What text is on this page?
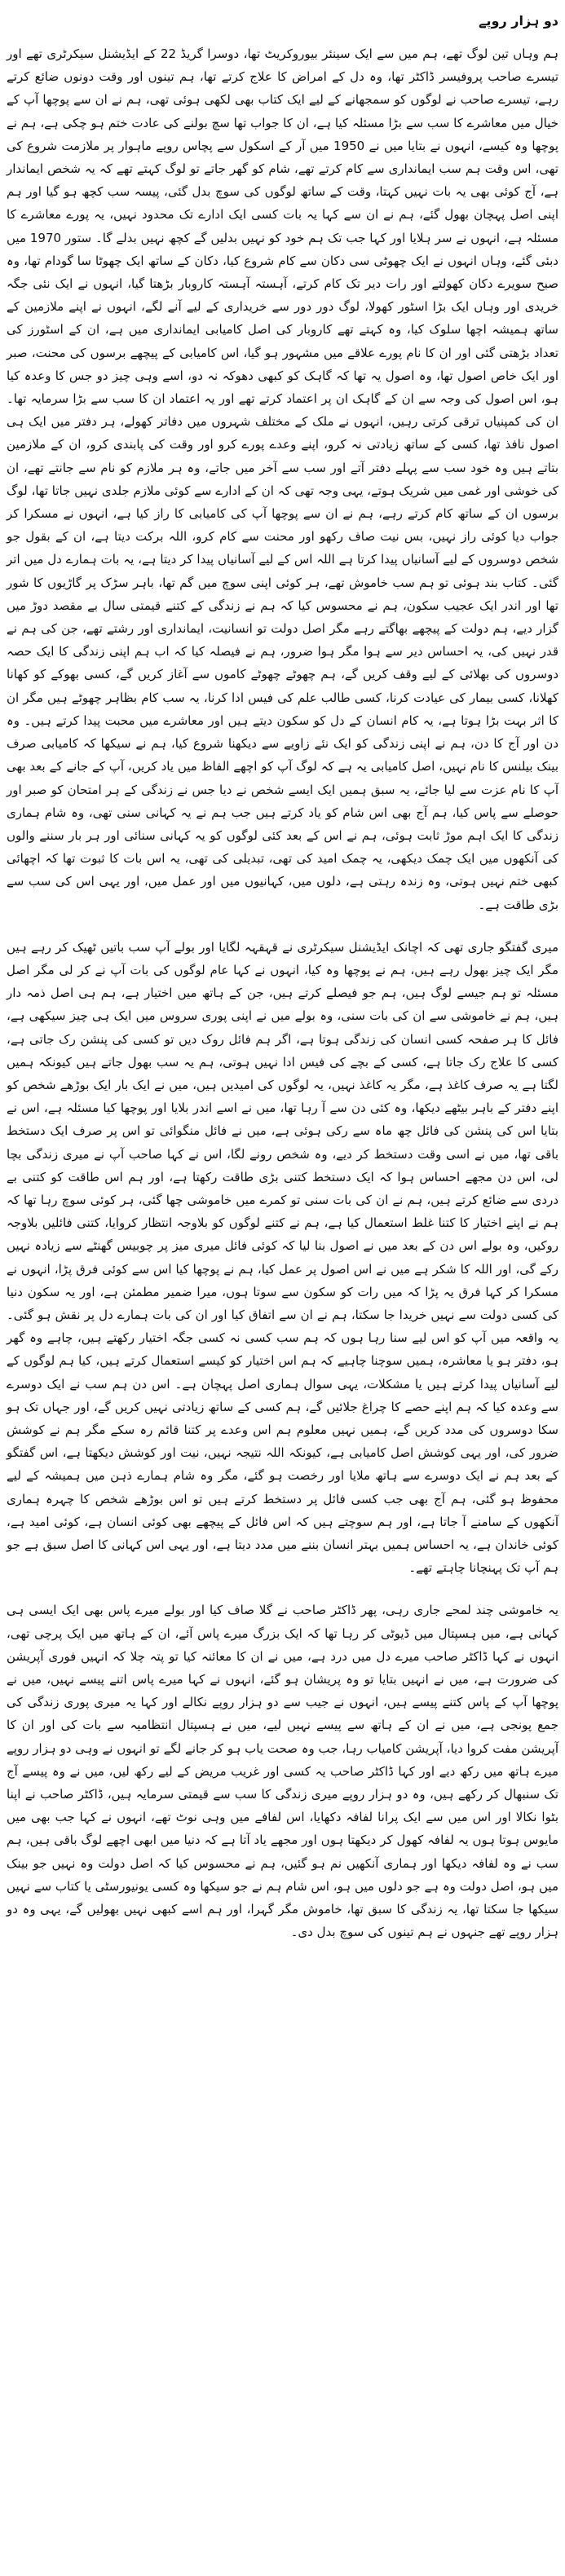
دو ہزار روپے

ہم وہاں تین لوگ تھے، ہم میں سے ایک سینئر بیوروکریٹ تھا، دوسرا گریڈ 22 کے ایڈیشنل سیکرٹری تھے اور تیسرے صاحب پروفیسر ڈاکٹر تھا، وہ دل کے امراض کا علاج کرتے تھا، ہم تینوں اور وقت دونوں ضائع کرتے رہے، تیسرے صاحب نے لوگوں کو سمجھانے کے لیے ایک کتاب بھی لکھی ہوئی تھی، ہم نے ان سے پوچھا آپ کے خیال میں معاشرے کا سب سے بڑا مسئلہ کیا ہے، ان کا جواب تھا سچ بولنے کی عادت ختم ہو چکی ہے، ہم نے پوچھا وہ کیسے، انہوں نے بتایا میں نے 1950 میں آر کے اسکول سے پچاس روپے ماہوار پر ملازمت شروع کی تھی، اس وقت ہم سب ایمانداری سے کام کرتے تھے، شام کو گھر جاتے تو لوگ کہتے تھے کہ یہ شخص ایماندار ہے، آج کوئی بھی یہ بات نہیں کہتا، وقت کے ساتھ لوگوں کی سوچ بدل گئی، پیسہ سب کچھ ہو گیا اور ہم اپنی اصل پہچان بھول گئے، ہم نے ان سے کہا یہ بات کسی ایک ادارے تک محدود نہیں، یہ پورے معاشرے کا مسئلہ ہے، انہوں نے سر ہلایا اور کہا جب تک ہم خود کو نہیں بدلیں گے کچھ نہیں بدلے گا۔ ستور 1970 میں دبئی گئے، وہاں انہوں نے ایک چھوٹی سی دکان سے کام شروع کیا، دکان کے ساتھ ایک چھوٹا سا گودام تھا، وہ صبح سویرے دکان کھولتے اور رات دیر تک کام کرتے، آہستہ آہستہ کاروبار بڑھتا گیا، انہوں نے ایک نئی جگہ خریدی اور وہاں ایک بڑا اسٹور کھولا، لوگ دور دور سے خریداری کے لیے آنے لگے، انہوں نے اپنے ملازمین کے ساتھ ہمیشہ اچھا سلوک کیا، وہ کہتے تھے کاروبار کی اصل کامیابی ایمانداری میں ہے، ان کے اسٹورز کی تعداد بڑھتی گئی اور ان کا نام پورے علاقے میں مشہور ہو گیا، اس کامیابی کے پیچھے برسوں کی محنت، صبر اور ایک خاص اصول تھا، وہ اصول یہ تھا کہ گاہک کو کبھی دھوکہ نہ دو، اسے وہی چیز دو جس کا وعدہ کیا ہو، اس اصول کی وجہ سے ان کے گاہک ان پر اعتماد کرتے تھے اور یہ اعتماد ان کا سب سے بڑا سرمایہ تھا۔ ان کی کمپنیاں ترقی کرتی رہیں، انہوں نے ملک کے مختلف شہروں میں دفاتر کھولے، ہر دفتر میں ایک ہی اصول نافذ تھا، کسی کے ساتھ زیادتی نہ کرو، اپنے وعدے پورے کرو اور وقت کی پابندی کرو، ان کے ملازمین بتاتے ہیں وہ خود سب سے پہلے دفتر آتے اور سب سے آخر میں جاتے، وہ ہر ملازم کو نام سے جانتے تھے، ان کی خوشی اور غمی میں شریک ہوتے، یہی وجہ تھی کہ ان کے ادارے سے کوئی ملازم جلدی نہیں جاتا تھا، لوگ برسوں ان کے ساتھ کام کرتے رہے، ہم نے ان سے پوچھا آپ کی کامیابی کا راز کیا ہے، انہوں نے مسکرا کر جواب دیا کوئی راز نہیں، بس نیت صاف رکھو اور محنت سے کام کرو، اللہ برکت دیتا ہے، ان کے بقول جو شخص دوسروں کے لیے آسانیاں پیدا کرتا ہے اللہ اس کے لیے آسانیاں پیدا کر دیتا ہے، یہ بات ہمارے دل میں اتر گئی۔ کتاب بند ہوئی تو ہم سب خاموش تھے، ہر کوئی اپنی سوچ میں گم تھا، باہر سڑک پر گاڑیوں کا شور تھا اور اندر ایک عجیب سکون، ہم نے محسوس کیا کہ ہم نے زندگی کے کتنے قیمتی سال بے مقصد دوڑ میں گزار دیے، ہم دولت کے پیچھے بھاگتے رہے مگر اصل دولت تو انسانیت، ایمانداری اور رشتے تھے، جن کی ہم نے قدر نہیں کی، یہ احساس دیر سے ہوا مگر ہوا ضرور، ہم نے فیصلہ کیا کہ اب ہم اپنی زندگی کا ایک حصہ دوسروں کی بھلائی کے لیے وقف کریں گے، ہم چھوٹے چھوٹے کاموں سے آغاز کریں گے، کسی بھوکے کو کھانا کھلانا، کسی بیمار کی عیادت کرنا، کسی طالب علم کی فیس ادا کرنا، یہ سب کام بظاہر چھوٹے ہیں مگر ان کا اثر بہت بڑا ہوتا ہے، یہ کام انسان کے دل کو سکون دیتے ہیں اور معاشرے میں محبت پیدا کرتے ہیں۔ وہ دن اور آج کا دن، ہم نے اپنی زندگی کو ایک نئے زاویے سے دیکھنا شروع کیا، ہم نے سیکھا کہ کامیابی صرف بینک بیلنس کا نام نہیں، اصل کامیابی یہ ہے کہ لوگ آپ کو اچھے الفاظ میں یاد کریں، آپ کے جانے کے بعد بھی آپ کا نام عزت سے لیا جائے، یہ سبق ہمیں ایک ایسے شخص نے دیا جس نے زندگی کے ہر امتحان کو صبر اور حوصلے سے پاس کیا، ہم آج بھی اس شام کو یاد کرتے ہیں جب ہم نے یہ کہانی سنی تھی، وہ شام ہماری زندگی کا ایک اہم موڑ ثابت ہوئی، ہم نے اس کے بعد کئی لوگوں کو یہ کہانی سنائی اور ہر بار سننے والوں کی آنکھوں میں ایک چمک دیکھی، یہ چمک امید کی تھی، تبدیلی کی تھی، یہ اس بات کا ثبوت تھا کہ اچھائی کبھی ختم نہیں ہوتی، وہ زندہ رہتی ہے، دلوں میں، کہانیوں میں اور عمل میں، اور یہی اس کی سب سے بڑی طاقت ہے۔

میری گفتگو جاری تھی کہ اچانک ایڈیشنل سیکرٹری نے قہقہہ لگایا اور بولے آپ سب باتیں ٹھیک کر رہے ہیں مگر ایک چیز بھول رہے ہیں، ہم نے پوچھا وہ کیا، انہوں نے کہا عام لوگوں کی بات آپ نے کر لی مگر اصل مسئلہ تو ہم جیسے لوگ ہیں، ہم جو فیصلے کرتے ہیں، جن کے ہاتھ میں اختیار ہے، ہم ہی اصل ذمہ دار ہیں، ہم نے خاموشی سے ان کی بات سنی، وہ بولے میں نے اپنی پوری سروس میں ایک ہی چیز سیکھی ہے، فائل کا ہر صفحہ کسی انسان کی زندگی ہوتا ہے، اگر ہم فائل روک دیں تو کسی کی پنشن رک جاتی ہے، کسی کا علاج رک جاتا ہے، کسی کے بچے کی فیس ادا نہیں ہوتی، ہم یہ سب بھول جاتے ہیں کیونکہ ہمیں لگتا ہے یہ صرف کاغذ ہے، مگر یہ کاغذ نہیں، یہ لوگوں کی امیدیں ہیں، میں نے ایک بار ایک بوڑھے شخص کو اپنے دفتر کے باہر بیٹھے دیکھا، وہ کئی دن سے آ رہا تھا، میں نے اسے اندر بلایا اور پوچھا کیا مسئلہ ہے، اس نے بتایا اس کی پنشن کی فائل چھ ماہ سے رکی ہوئی ہے، میں نے فائل منگوائی تو اس پر صرف ایک دستخط باقی تھا، میں نے اسی وقت دستخط کر دیے، وہ شخص رونے لگا، اس نے کہا صاحب آپ نے میری زندگی بچا لی، اس دن مجھے احساس ہوا کہ ایک دستخط کتنی بڑی طاقت رکھتا ہے، اور ہم اس طاقت کو کتنی بے دردی سے ضائع کرتے ہیں، ہم نے ان کی بات سنی تو کمرے میں خاموشی چھا گئی، ہر کوئی سوچ رہا تھا کہ ہم نے اپنے اختیار کا کتنا غلط استعمال کیا ہے، ہم نے کتنے لوگوں کو بلاوجہ انتظار کروایا، کتنی فائلیں بلاوجہ روکیں، وہ بولے اس دن کے بعد میں نے اصول بنا لیا کہ کوئی فائل میری میز پر چوبیس گھنٹے سے زیادہ نہیں رکے گی، اور اللہ کا شکر ہے میں نے اس اصول پر عمل کیا، ہم نے پوچھا کیا اس سے کوئی فرق پڑا، انہوں نے مسکرا کر کہا فرق یہ پڑا کہ میں رات کو سکون سے سوتا ہوں، میرا ضمیر مطمئن ہے، اور یہ سکون دنیا کی کسی دولت سے نہیں خریدا جا سکتا، ہم نے ان سے اتفاق کیا اور ان کی بات ہمارے دل پر نقش ہو گئی۔ یہ واقعہ میں آپ کو اس لیے سنا رہا ہوں کہ ہم سب کسی نہ کسی جگہ اختیار رکھتے ہیں، چاہے وہ گھر ہو، دفتر ہو یا معاشرہ، ہمیں سوچنا چاہیے کہ ہم اس اختیار کو کیسے استعمال کرتے ہیں، کیا ہم لوگوں کے لیے آسانیاں پیدا کرتے ہیں یا مشکلات، یہی سوال ہماری اصل پہچان ہے۔ اس دن ہم سب نے ایک دوسرے سے وعدہ کیا کہ ہم اپنے حصے کا چراغ جلائیں گے، ہم کسی کے ساتھ زیادتی نہیں کریں گے، اور جہاں تک ہو سکا دوسروں کی مدد کریں گے، ہمیں نہیں معلوم ہم اس وعدے پر کتنا قائم رہ سکے مگر ہم نے کوشش ضرور کی، اور یہی کوشش اصل کامیابی ہے، کیونکہ اللہ نتیجہ نہیں، نیت اور کوشش دیکھتا ہے، اس گفتگو کے بعد ہم نے ایک دوسرے سے ہاتھ ملایا اور رخصت ہو گئے، مگر وہ شام ہمارے ذہن میں ہمیشہ کے لیے محفوظ ہو گئی، ہم آج بھی جب کسی فائل پر دستخط کرتے ہیں تو اس بوڑھے شخص کا چہرہ ہماری آنکھوں کے سامنے آ جاتا ہے، اور ہم سوچتے ہیں کہ اس فائل کے پیچھے بھی کوئی انسان ہے، کوئی امید ہے، کوئی خاندان ہے، یہ احساس ہمیں بہتر انسان بننے میں مدد دیتا ہے، اور یہی اس کہانی کا اصل سبق ہے جو ہم آپ تک پہنچانا چاہتے تھے۔

یہ خاموشی چند لمحے جاری رہی، پھر ڈاکٹر صاحب نے گلا صاف کیا اور بولے میرے پاس بھی ایک ایسی ہی کہانی ہے، میں ہسپتال میں ڈیوٹی کر رہا تھا کہ ایک بزرگ میرے پاس آئے، ان کے ہاتھ میں ایک پرچی تھی، انہوں نے کہا ڈاکٹر صاحب میرے دل میں درد ہے، میں نے ان کا معائنہ کیا تو پتہ چلا کہ انہیں فوری آپریشن کی ضرورت ہے، میں نے انہیں بتایا تو وہ پریشان ہو گئے، انہوں نے کہا میرے پاس اتنے پیسے نہیں، میں نے پوچھا آپ کے پاس کتنے پیسے ہیں، انہوں نے جیب سے دو ہزار روپے نکالے اور کہا یہ میری پوری زندگی کی جمع پونجی ہے، میں نے ان کے ہاتھ سے پیسے نہیں لیے، میں نے ہسپتال انتظامیہ سے بات کی اور ان کا آپریشن مفت کروا دیا، آپریشن کامیاب رہا، جب وہ صحت یاب ہو کر جانے لگے تو انہوں نے وہی دو ہزار روپے میرے ہاتھ میں رکھ دیے اور کہا ڈاکٹر صاحب یہ کسی اور غریب مریض کے لیے رکھ لیں، میں نے وہ پیسے آج تک سنبھال کر رکھے ہیں، وہ دو ہزار روپے میری زندگی کا سب سے قیمتی سرمایہ ہیں، ڈاکٹر صاحب نے اپنا بٹوا نکالا اور اس میں سے ایک پرانا لفافہ دکھایا، اس لفافے میں وہی نوٹ تھے، انہوں نے کہا جب بھی میں مایوس ہوتا ہوں یہ لفافہ کھول کر دیکھتا ہوں اور مجھے یاد آتا ہے کہ دنیا میں ابھی اچھے لوگ باقی ہیں، ہم سب نے وہ لفافہ دیکھا اور ہماری آنکھیں نم ہو گئیں، ہم نے محسوس کیا کہ اصل دولت وہ نہیں جو بینک میں ہو، اصل دولت وہ ہے جو دلوں میں ہو، اس شام ہم نے جو سیکھا وہ کسی یونیورسٹی یا کتاب سے نہیں سیکھا جا سکتا تھا، یہ زندگی کا سبق تھا، خاموش مگر گہرا، اور ہم اسے کبھی نہیں بھولیں گے، یہی وہ دو ہزار روپے تھے جنہوں نے ہم تینوں کی سوچ بدل دی۔
